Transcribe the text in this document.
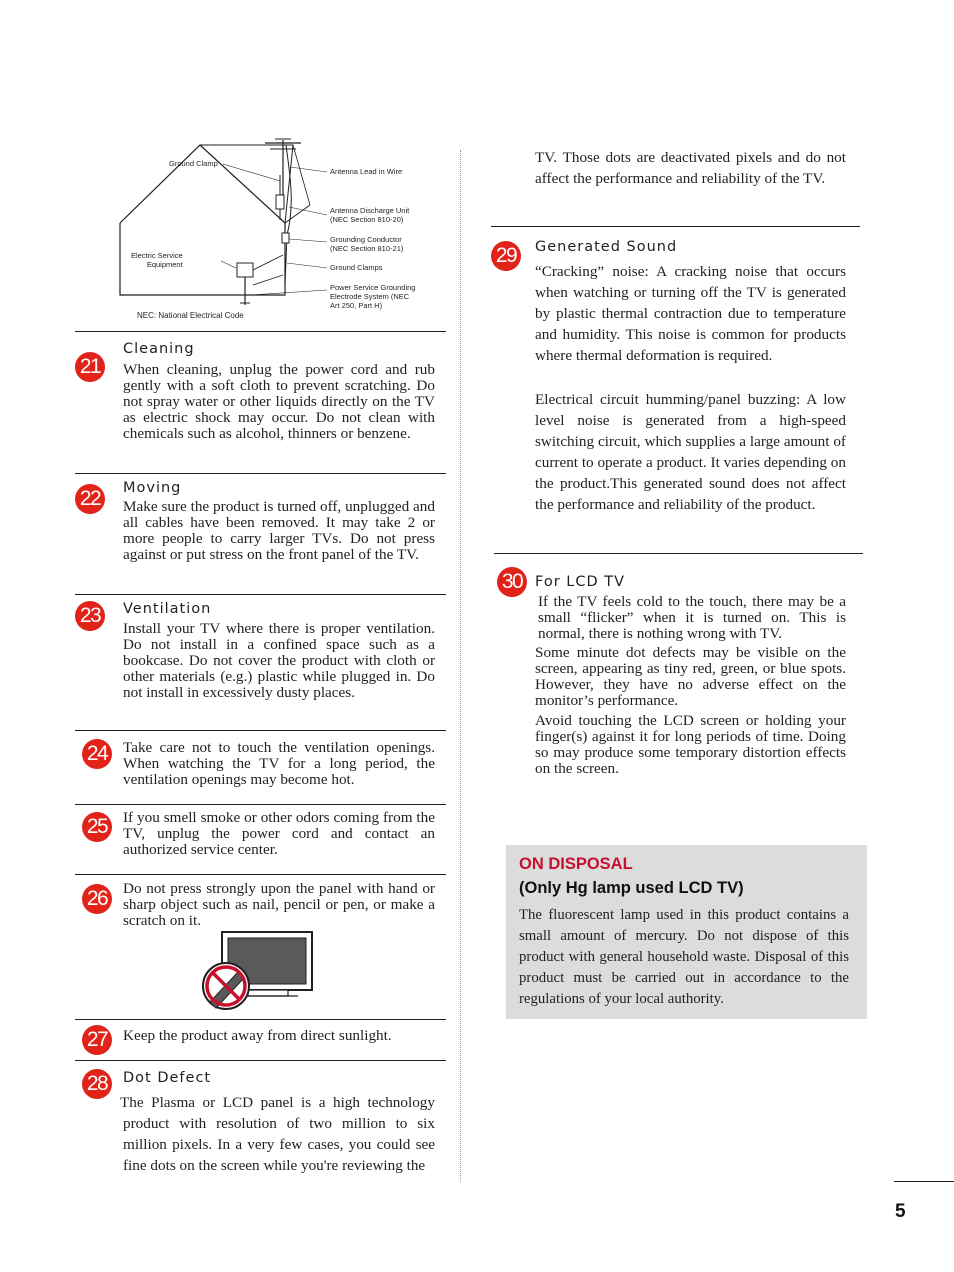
Ground Clamp
Antenna Lead in Wire
Antenna Discharge Unit
(NEC Section 810-20)
Grounding Conductor
(NEC Section 810-21)
Ground Clamps
Electric Service
Equipment
Power Service Grounding
Electrode System (NEC
Art 250, Part H)
NEC: National Electrical Code
21
Cleaning
When cleaning, unplug the power cord and rub gently with a soft cloth to prevent scratching. Do not spray water or other liquids directly on the TV as electric shock may occur. Do not clean with chemicals such as alcohol, thinners or benzene.
22	Moving
Make sure the product is turned off, unplugged and all cables have been removed. It may take 2 or more people to carry larger TVs. Do not press against or put stress on the front panel of the TV.
23	Ventilation
Install your TV where there is proper ventilation. Do not install in a confined space such as a bookcase. Do not cover the product with cloth or other materials (e.g.) plastic while plugged in. Do not install in excessively dusty places.
24	Take care not to touch the ventilation openings. When watching the TV for a long period, the ventilation openings may become hot.
25	If you smell smoke or other odors coming from the TV, unplug the power cord and contact an authorized service center.
26	Do not press strongly upon the panel with hand or sharp object such as nail, pencil or pen, or make a scratch on it.
27	Keep the product away from direct sunlight.
28	Dot Defect
The Plasma or LCD panel is a high technology product with resolution of two million to six million pixels. In a very few cases, you could see fine dots on the screen while you're reviewing the
TV. Those dots are deactivated pixels and do not affect the performance and reliability of the TV.
29	Generated Sound
“Cracking” noise: A cracking noise that occurs when watching or turning off the TV is generated by plastic thermal contraction due to temperature and humidity. This noise is common for products where thermal deformation is required.
Electrical circuit humming/panel buzzing: A low level noise is generated from a high-speed switching circuit, which supplies a large amount of current to operate a product. It varies depending on the product.This generated sound does not affect the performance and reliability of the product.
30 For LCD TV
If the TV feels cold to the touch, there may be a small “flicker” when it is turned on. This is normal, there is nothing wrong with TV.
Some minute dot defects may be visible on the screen, appearing as tiny red, green, or blue spots. However, they have no adverse effect on the monitor’s performance.
Avoid touching the LCD screen or holding your finger(s) against it for long periods of time. Doing so may produce some temporary distortion effects on the screen.
ON DISPOSAL
(Only Hg lamp used LCD TV)
The fluorescent lamp used in this product contains a small amount of mercury. Do not dispose of this product with general household waste. Disposal of this product must be carried out in accordance to the regulations of your local authority.
5
